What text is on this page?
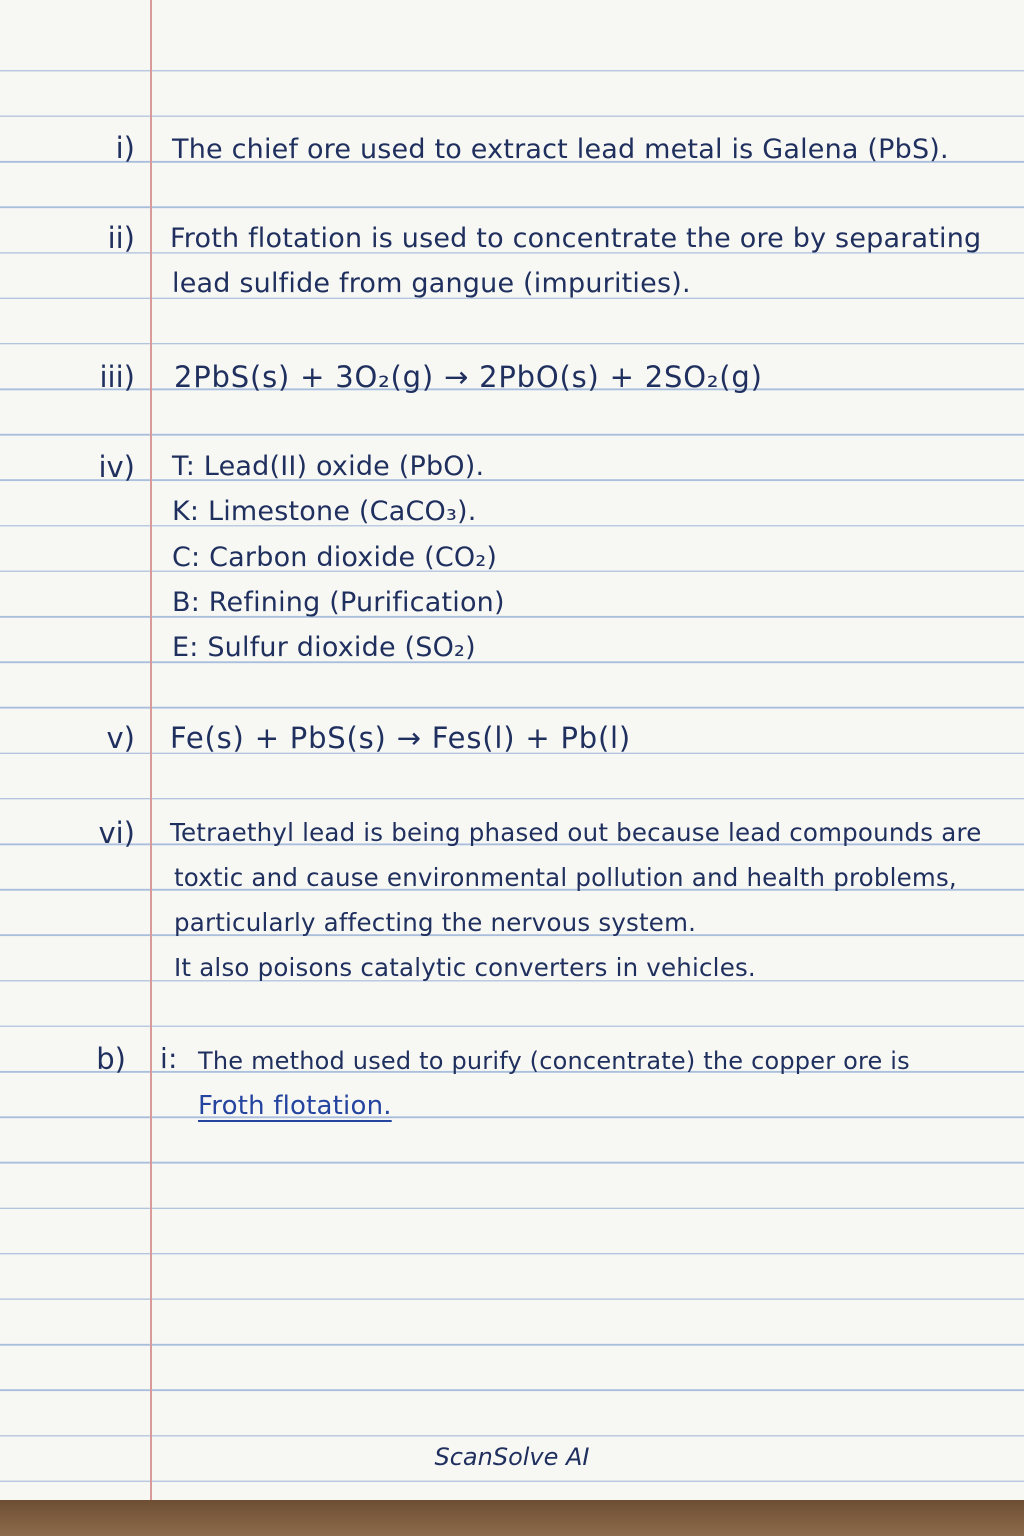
i) The chief ore used to extract lead metal is Galena (PbS).
ii) Froth flotation is used to concentrate the ore by separating
lead sulfide from gangue (impurities).
iii) 2PbS(s) + 3O₂(g) → 2PbO(s) + 2SO₂(g)
iv) T: Lead(II) oxide (PbO).
K: Limestone (CaCO₃).
C: Carbon dioxide (CO₂)
B: Refining (Purification)
E: Sulfur dioxide (SO₂)
v) Fe(s) + PbS(s) → Fes(l) + Pb(l)
vi) Tetraethyl lead is being phased out because lead compounds are
toxtic and cause environmental pollution and health problems,
particularly affecting the nervous system.
It also poisons catalytic converters in vehicles.
b) i: The method used to purify (concentrate) the copper ore is
Froth flotation.
ScanSolve AI
